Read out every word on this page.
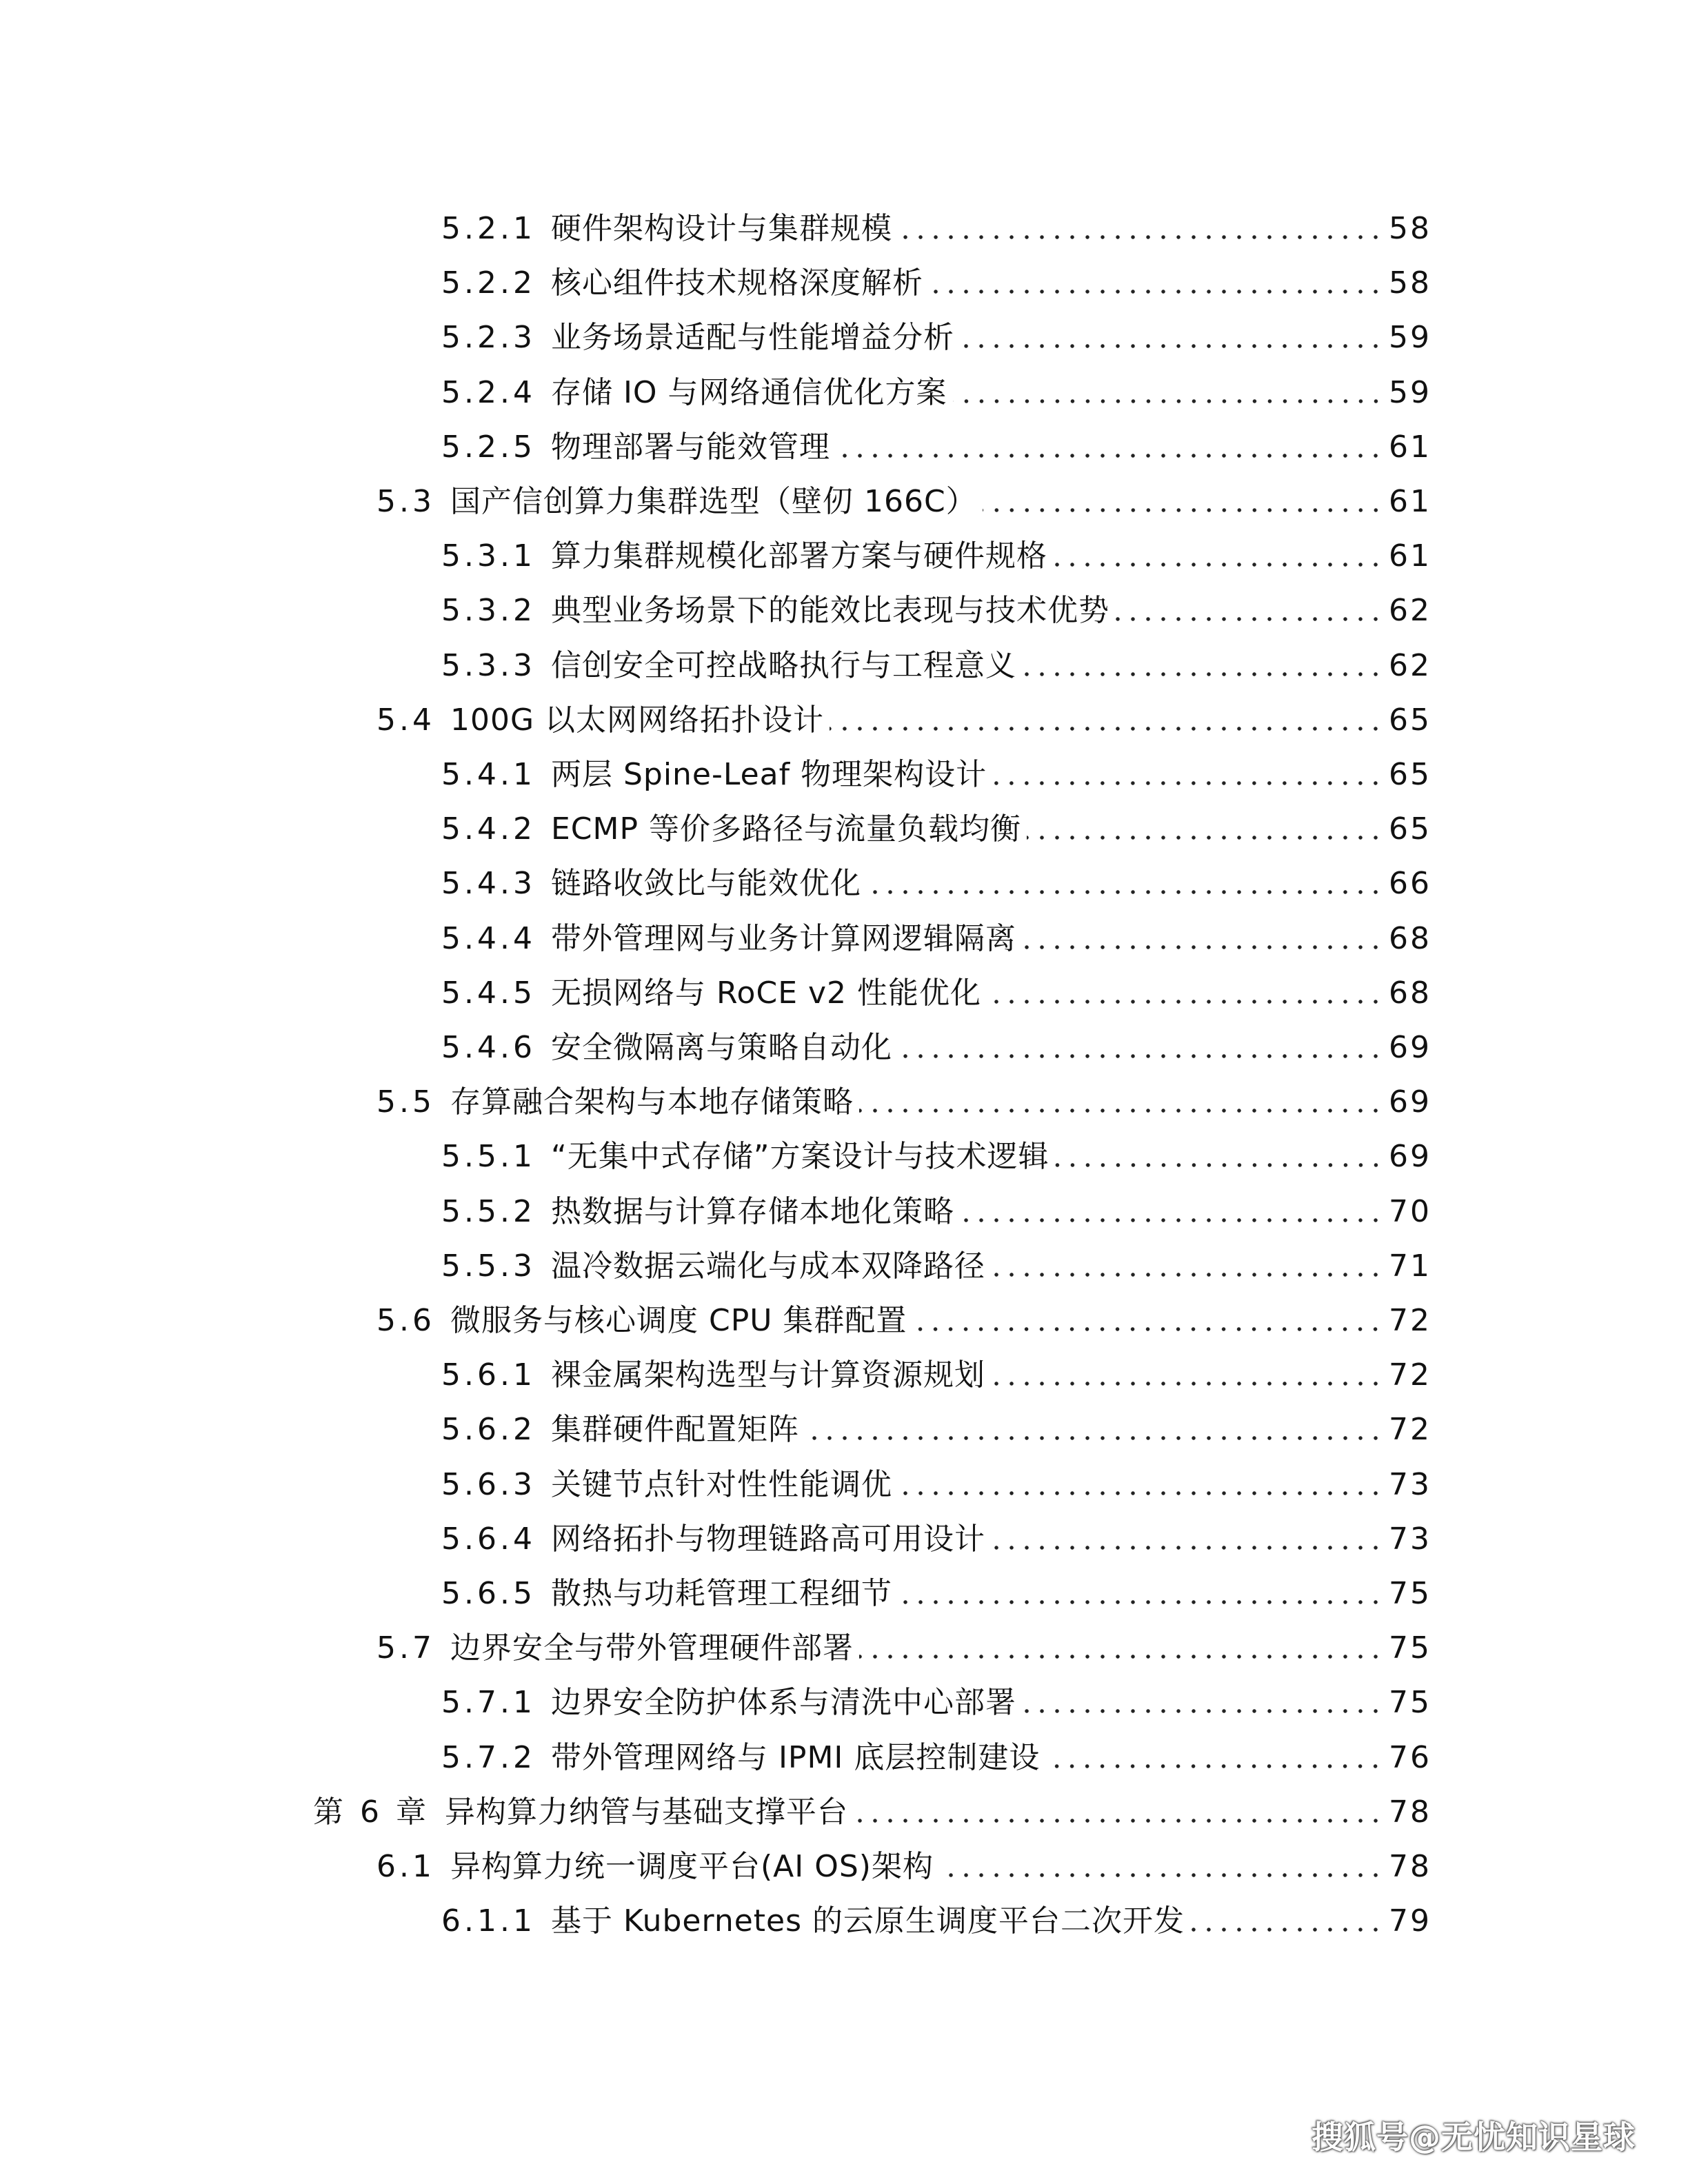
5.2.1 硬件架构设计与集群规模	58
5.2.2 核心组件技术规格深度解析	58
5.2.3 业务场景适配与性能增益分析	59
5.2.4 存储 IO 与网络通信优化方案	59
5.2.5 物理部署与能效管理	61
5.3 国产信创算力集群选型（壁仞 166C）	61
5.3.1 算力集群规模化部署方案与硬件规格	61
5.3.2 典型业务场景下的能效比表现与技术优势	62
5.3.3 信创安全可控战略执行与工程意义	62
5.4 100G 以太网网络拓扑设计	65
5.4.1 两层 Spine-Leaf 物理架构设计	65
5.4.2 ECMP 等价多路径与流量负载均衡	65
5.4.3 链路收敛比与能效优化	66
5.4.4 带外管理网与业务计算网逻辑隔离	68
5.4.5 无损网络与 RoCE v2 性能优化	68
5.4.6 安全微隔离与策略自动化	69
5.5 存算融合架构与本地存储策略	69
5.5.1 “无集中式存储”方案设计与技术逻辑	69
5.5.2 热数据与计算存储本地化策略	70
5.5.3 温冷数据云端化与成本双降路径	71
5.6 微服务与核心调度 CPU 集群配置	72
5.6.1 裸金属架构选型与计算资源规划	72
5.6.2 集群硬件配置矩阵	72
5.6.3 关键节点针对性性能调优	73
5.6.4 网络拓扑与物理链路高可用设计	73
5.6.5 散热与功耗管理工程细节	75
5.7 边界安全与带外管理硬件部署	75
5.7.1 边界安全防护体系与清洗中心部署	75
5.7.2 带外管理网络与 IPMI 底层控制建设	76
第 6 章 异构算力纳管与基础支撑平台	78
6.1 异构算力统一调度平台(AI OS)架构	78
6.1.1 基于 Kubernetes 的云原生调度平台二次开发	79
搜狐号@无忧知识星球
